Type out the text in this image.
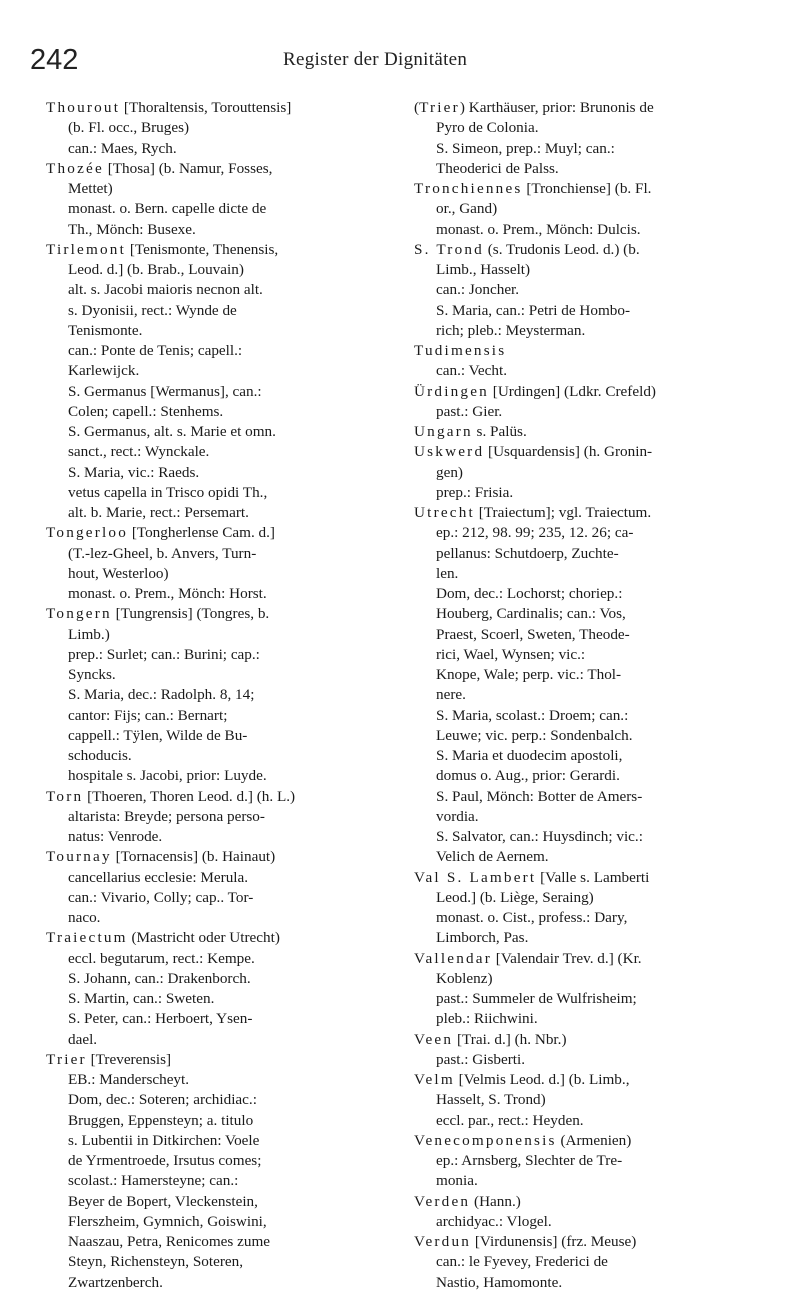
242	Register der Dignitäten
Thourout [Thoraltensis, Torouttensis]
(b. Fl. occ., Bruges)
can.: Maes, Rych.
Thozée [Thosa] (b. Namur, Fosses,
Mettet)
monast. o. Bern. capelle dicte de
Th., Mönch: Busexe.
Tirlemont [Tenismonte, Thenensis,
Leod. d.] (b. Brab., Louvain)
alt. s. Jacobi maioris necnon alt.
s. Dyonisii, rect.: Wynde de
Tenismonte.
can.: Ponte de Tenis; capell.:
Karlewijck.
S. Germanus [Wermanus], can.:
Colen; capell.: Stenhems.
S. Germanus, alt. s. Marie et omn.
sanct., rect.: Wynckale.
S. Maria, vic.: Raeds.
vetus capella in Trisco opidi Th.,
alt. b. Marie, rect.: Persemart.
Tongerloo [Tongherlense Cam. d.]
(T.-lez-Gheel, b. Anvers, Turn-
hout, Westerloo)
monast. o. Prem., Mönch: Horst.
Tongern [Tungrensis] (Tongres, b.
Limb.)
prep.: Surlet; can.: Burini; cap.:
Syncks.
S. Maria, dec.: Radolph. 8, 14;
cantor: Fijs; can.: Bernart;
cappell.: Tÿlen, Wilde de Bu-
schoducis.
hospitale s. Jacobi, prior: Luyde.
Torn [Thoeren, Thoren Leod. d.] (h. L.)
altarista: Breyde; persona perso-
natus: Venrode.
Tournay [Tornacensis] (b. Hainaut)
cancellarius ecclesie: Merula.
can.: Vivario, Colly; cap.. Tor-
naco.
Traiectum (Mastricht oder Utrecht)
eccl. begutarum, rect.: Kempe.
S. Johann, can.: Drakenborch.
S. Martin, can.: Sweten.
S. Peter, can.: Herboert, Ysen-
dael.
Trier [Treverensis]
EB.: Manderscheyt.
Dom, dec.: Soteren; archidiac.:
Bruggen, Eppensteyn; a. titulo
s. Lubentii in Ditkirchen: Voele
de Yrmentroede, Irsutus comes;
scolast.: Hamersteyne; can.:
Beyer de Bopert, Vleckenstein,
Flerszheim, Gymnich, Goiswini,
Naaszau, Petra, Renicomes zume
Steyn, Richensteyn, Soteren,
Zwartzenberch.
(Trier) Karthäuser, prior: Brunonis de
Pyro de Colonia.
S. Simeon, prep.: Muyl; can.:
Theoderici de Palss.
Tronchiennes [Tronchiense] (b. Fl.
or., Gand)
monast. o. Prem., Mönch: Dulcis.
S. Trond (s. Trudonis Leod. d.) (b.
Limb., Hasselt)
can.: Joncher.
S. Maria, can.: Petri de Hombo-
rich; pleb.: Meysterman.
Tudimensis
can.: Vecht.
Ürdingen [Urdingen] (Ldkr. Crefeld)
past.: Gier.
Ungarn s. Palüs.
Uskwerd [Usquardensis] (h. Gronin-
gen)
prep.: Frisia.
Utrecht [Traiectum]; vgl. Traiectum.
ep.: 212, 98. 99; 235, 12. 26; ca-
pellanus: Schutdoerp, Zuchte-
len.
Dom, dec.: Lochorst; choriep.:
Houberg, Cardinalis; can.: Vos,
Praest, Scoerl, Sweten, Theode-
rici, Wael, Wynsen; vic.:
Knope, Wale; perp. vic.: Thol-
nere.
S. Maria, scolast.: Droem; can.:
Leuwe; vic. perp.: Sondenbalch.
S. Maria et duodecim apostoli,
domus o. Aug., prior: Gerardi.
S. Paul, Mönch: Botter de Amers-
vordia.
S. Salvator, can.: Huysdinch; vic.:
Velich de Aernem.
Val S. Lambert [Valle s. Lamberti
Leod.] (b. Liège, Seraing)
monast. o. Cist., profess.: Dary,
Limborch, Pas.
Vallendar [Valendair Trev. d.] (Kr.
Koblenz)
past.: Summeler de Wulfrisheim;
pleb.: Riichwini.
Veen [Trai. d.] (h. Nbr.)
past.: Gisberti.
Velm [Velmis Leod. d.] (b. Limb.,
Hasselt, S. Trond)
eccl. par., rect.: Heyden.
Venecomponensis (Armenien)
ep.: Arnsberg, Slechter de Tre-
monia.
Verden (Hann.)
archidyac.: Vlogel.
Verdun [Virdunensis] (frz. Meuse)
can.: le Fyevey, Frederici de
Nastio, Hamomonte.
